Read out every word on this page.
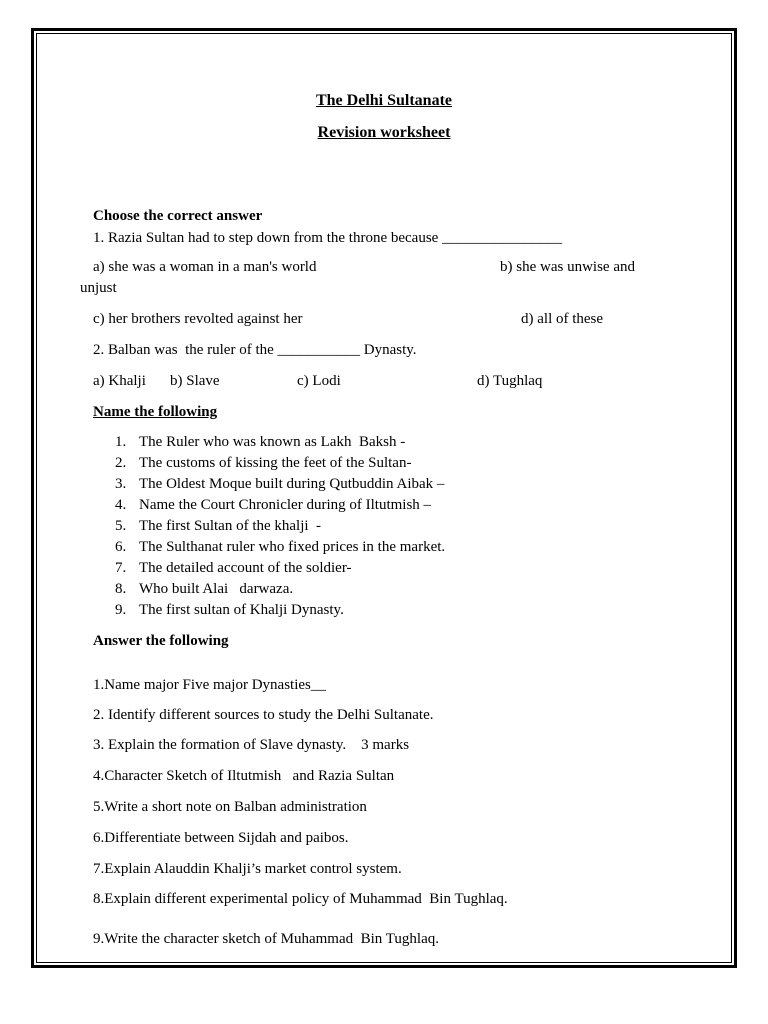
The Delhi Sultanate
Revision worksheet
Choose the correct answer
1. Razia Sultan had to step down from the throne because ________________
a) she was a woman in a man's world	b) she was unwise and
unjust
c) her brothers revolted against her	d) all of these
2. Balban was  the ruler of the ___________ Dynasty.
a) Khalji b) Slave	c) Lodi	d) Tughlaq
Name the following
1. The Ruler who was known as Lakh  Baksh -
2. The customs of kissing the feet of the Sultan-
3. The Oldest Moque built during Qutbuddin Aibak –
4. Name the Court Chronicler during of Iltutmish –
5. The first Sultan of the khalji  -
6. The Sulthanat ruler who fixed prices in the market.
7. The detailed account of the soldier-
8. Who built Alai   darwaza.
9. The first sultan of Khalji Dynasty.
Answer the following
1.Name major Five major Dynasties__
2. Identify different sources to study the Delhi Sultanate.
3. Explain the formation of Slave dynasty.    3 marks
4.Character Sketch of Iltutmish   and Razia Sultan
5.Write a short note on Balban administration
6.Differentiate between Sijdah and paibos.
7.Explain Alauddin Khalji’s market control system.
8.Explain different experimental policy of Muhammad  Bin Tughlaq.
9.Write the character sketch of Muhammad  Bin Tughlaq.
